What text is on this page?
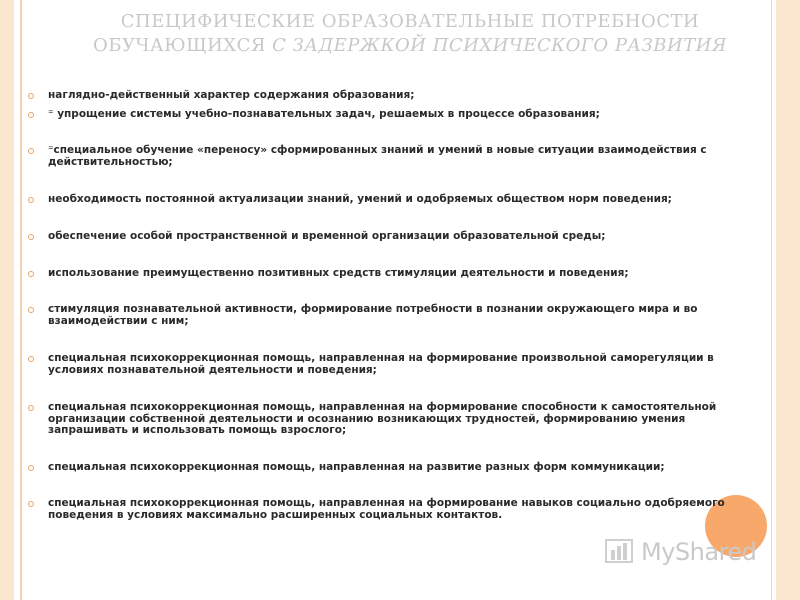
СПЕЦИФИЧЕСКИЕ ОБРАЗОВАТЕЛЬНЫЕ ПОТРЕБНОСТИ
ОБУЧАЮЩИХСЯ С ЗАДЕРЖКОЙ ПСИХИЧЕСКОГО РАЗВИТИЯ
наглядно-действенный характер содержания образования;
⁼ упрощение системы учебно-познавательных задач, решаемых в процессе образования;
⁼специальное обучение «переносу» сформированных знаний и умений в новые ситуации взаимодействия с действительностью;
необходимость постоянной актуализации знаний, умений и одобряемых обществом норм поведения;
обеспечение особой пространственной и временной организации образовательной среды;
использование преимущественно позитивных средств стимуляции деятельности и поведения;
стимуляция познавательной активности, формирование потребности в познании окружающего мира и во взаимодействии с ним;
специальная психокоррекционная помощь, направленная на формирование произвольной саморегуляции в условиях познавательной деятельности и поведения;
специальная психокоррекционная помощь, направленная на формирование способности к самостоятельной организации собственной деятельности и осознанию возникающих трудностей, формированию умения запрашивать и использовать помощь взрослого;
специальная психокоррекционная помощь, направленная на развитие разных форм коммуникации;
специальная психокоррекционная помощь, направленная на формирование навыков социально одобряемого поведения в условиях максимально расширенных социальных контактов.
MyShared
